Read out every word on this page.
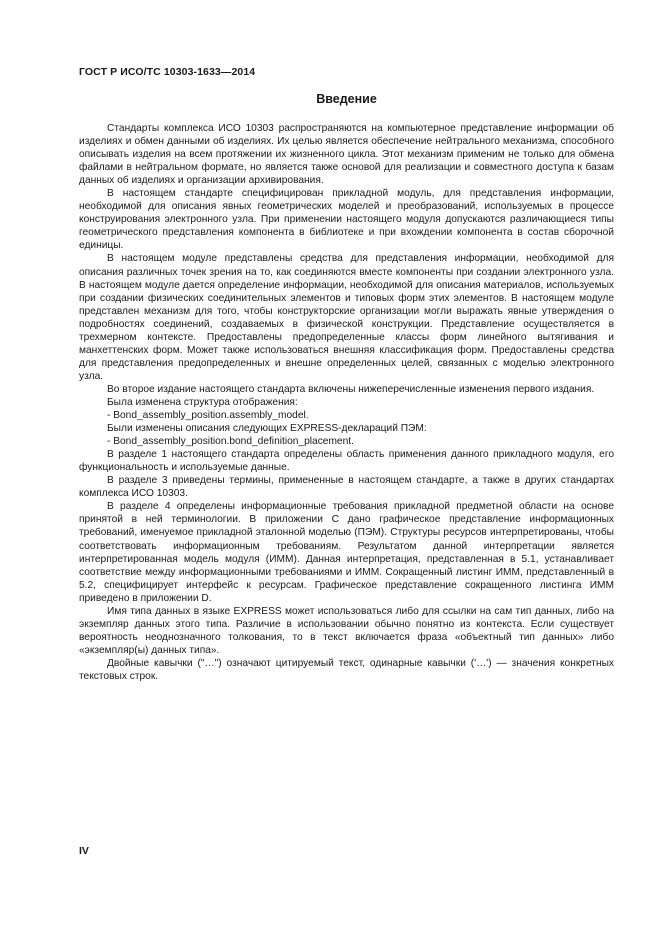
ГОСТ Р ИСО/ТС 10303-1633—2014
Введение

Стандарты комплекса ИСО 10303 распространяются на компьютерное представление информации об изделиях и обмен данными об изделиях. Их целью является обеспечение нейтрального механизма, способного описывать изделия на всем протяжении их жизненного цикла. Этот механизм применим не только для обмена файлами в нейтральном формате, но является также основой для реализации и совместного доступа к базам данных об изделиях и организации архивирования.

В настоящем стандарте специфицирован прикладной модуль, для представления информации, необходимой для описания явных геометрических моделей и преобразований, используемых в процессе конструирования электронного узла. При применении настоящего модуля допускаются различающиеся типы геометрического представления компонента в библиотеке и при вхождении компонента в состав сборочной единицы.

В настоящем модуле представлены средства для представления информации, необходимой для описания различных точек зрения на то, как соединяются вместе компоненты при создании электронного узла. В настоящем модуле дается определение информации, необходимой для описания материалов, используемых при создании физических соединительных элементов и типовых форм этих элементов. В настоящем модуле представлен механизм для того, чтобы конструкторские организации могли выражать явные утверждения о подробностях соединений, создаваемых в физической конструкции. Представление осуществляется в трехмерном контексте. Предоставлены предопределенные классы форм линейного вытягивания и манхеттенских форм. Может также использоваться внешняя классификация форм. Предоставлены средства для представления предопределенных и внешне определенных целей, связанных с моделью электронного узла.

Во второе издание настоящего стандарта включены нижеперечисленные изменения первого издания.

Была изменена структура отображения:

- Bond_assembly_position.assembly_model.

Были изменены описания следующих EXPRESS-деклараций ПЭМ:

- Bond_assembly_position.bond_definition_placement.

В разделе 1 настоящего стандарта определены область применения данного прикладного модуля, его функциональность и используемые данные.

В разделе 3 приведены термины, примененные в настоящем стандарте, а также в других стандартах комплекса ИСО 10303.

В разделе 4 определены информационные требования прикладной предметной области на основе принятой в ней терминологии. В приложении С дано графическое представление информационных требований, именуемое прикладной эталонной моделью (ПЭМ). Структуры ресурсов интерпретированы, чтобы соответствовать информационным требованиям. Результатом данной интерпретации является интерпретированная модель модуля (ИММ). Данная интерпретация, представленная в 5.1, устанавливает соответствие между информационными требованиями и ИММ. Сокращенный листинг ИММ, представленный в 5.2, специфицирует интерфейс к ресурсам. Графическое представление сокращенного листинга ИММ приведено в приложении D.

Имя типа данных в языке EXPRESS может использоваться либо для ссылки на сам тип данных, либо на экземпляр данных этого типа. Различие в использовании обычно понятно из контекста. Если существует вероятность неоднозначного толкования, то в текст включается фраза «объектный тип данных» либо «экземпляр(ы) данных типа».

Двойные кавычки ("…") означают цитируемый текст, одинарные кавычки ('…') — значения конкретных текстовых строк.

IV
